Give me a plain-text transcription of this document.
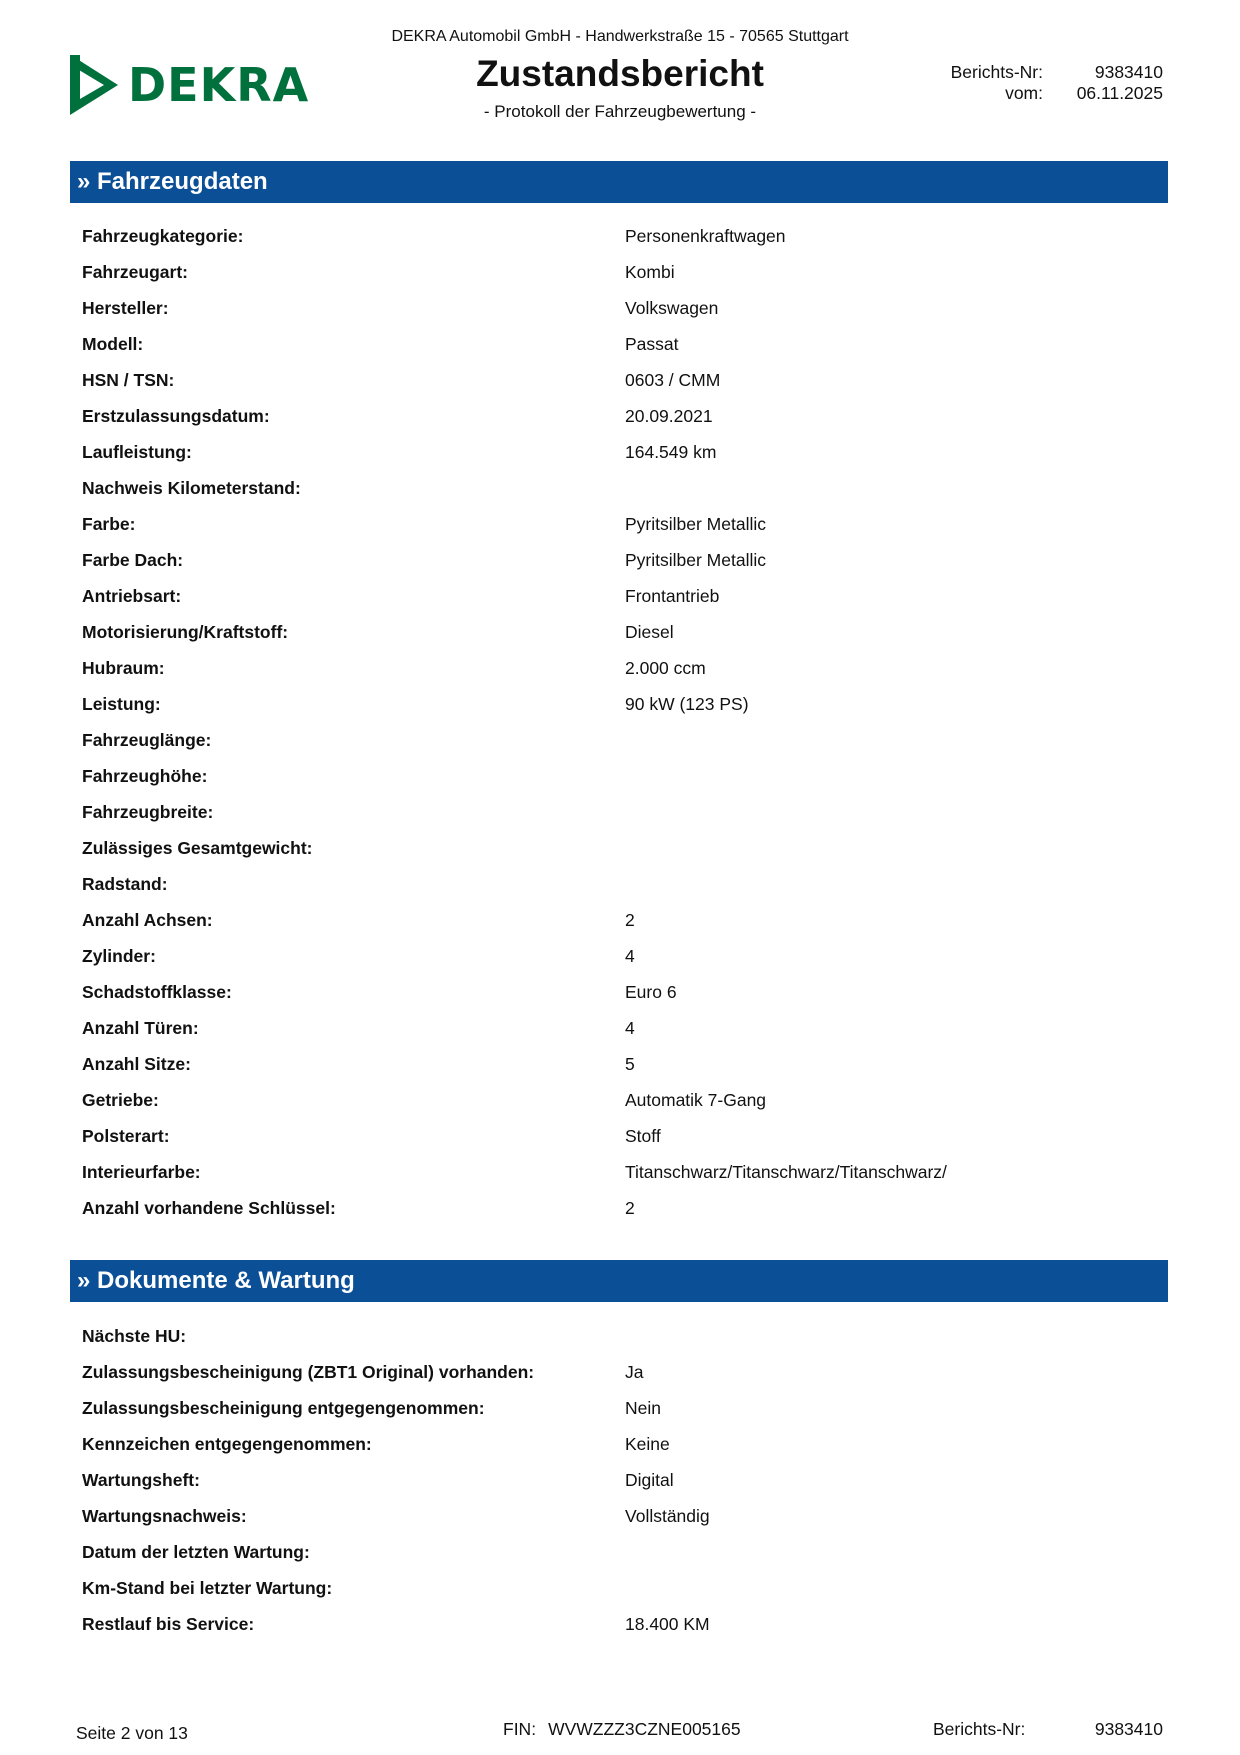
DEKRA Automobil GmbH - Handwerkstraße 15 - 70565 Stuttgart
DEKRA	Zustandsbericht
- Protokoll der Fahrzeugbewertung -
Berichts-Nr:	9383410
vom:	06.11.2025
» Fahrzeugdaten
Fahrzeugkategorie:	Personenkraftwagen
Fahrzeugart:	Kombi
Hersteller:	Volkswagen
Modell:	Passat
HSN / TSN:	0603 / CMM
Erstzulassungsdatum:	20.09.2021
Laufleistung:	164.549 km
Nachweis Kilometerstand:
Farbe:	Pyritsilber Metallic
Farbe Dach:	Pyritsilber Metallic
Antriebsart:	Frontantrieb
Motorisierung/Kraftstoff:	Diesel
Hubraum:	2.000 ccm
Leistung:	90 kW (123 PS)
Fahrzeuglänge:
Fahrzeughöhe:
Fahrzeugbreite:
Zulässiges Gesamtgewicht:
Radstand:
Anzahl Achsen:	2
Zylinder:	4
Schadstoffklasse:	Euro 6
Anzahl Türen:	4
Anzahl Sitze:	5
Getriebe:	Automatik 7-Gang
Polsterart:	Stoff
Interieurfarbe:	Titanschwarz/Titanschwarz/Titanschwarz/
Anzahl vorhandene Schlüssel:	2
» Dokumente & Wartung
Nächste HU:
Zulassungsbescheinigung (ZBT1 Original) vorhanden:	Ja
Zulassungsbescheinigung entgegengenommen:	Nein
Kennzeichen entgegengenommen:	Keine
Wartungsheft:	Digital
Wartungsnachweis:	Vollständig
Datum der letzten Wartung:
Km-Stand bei letzter Wartung:
Restlauf bis Service:	18.400 KM
Seite 2 von 13	FIN: WVWZZZ3CZNE005165	Berichts-Nr:	9383410
